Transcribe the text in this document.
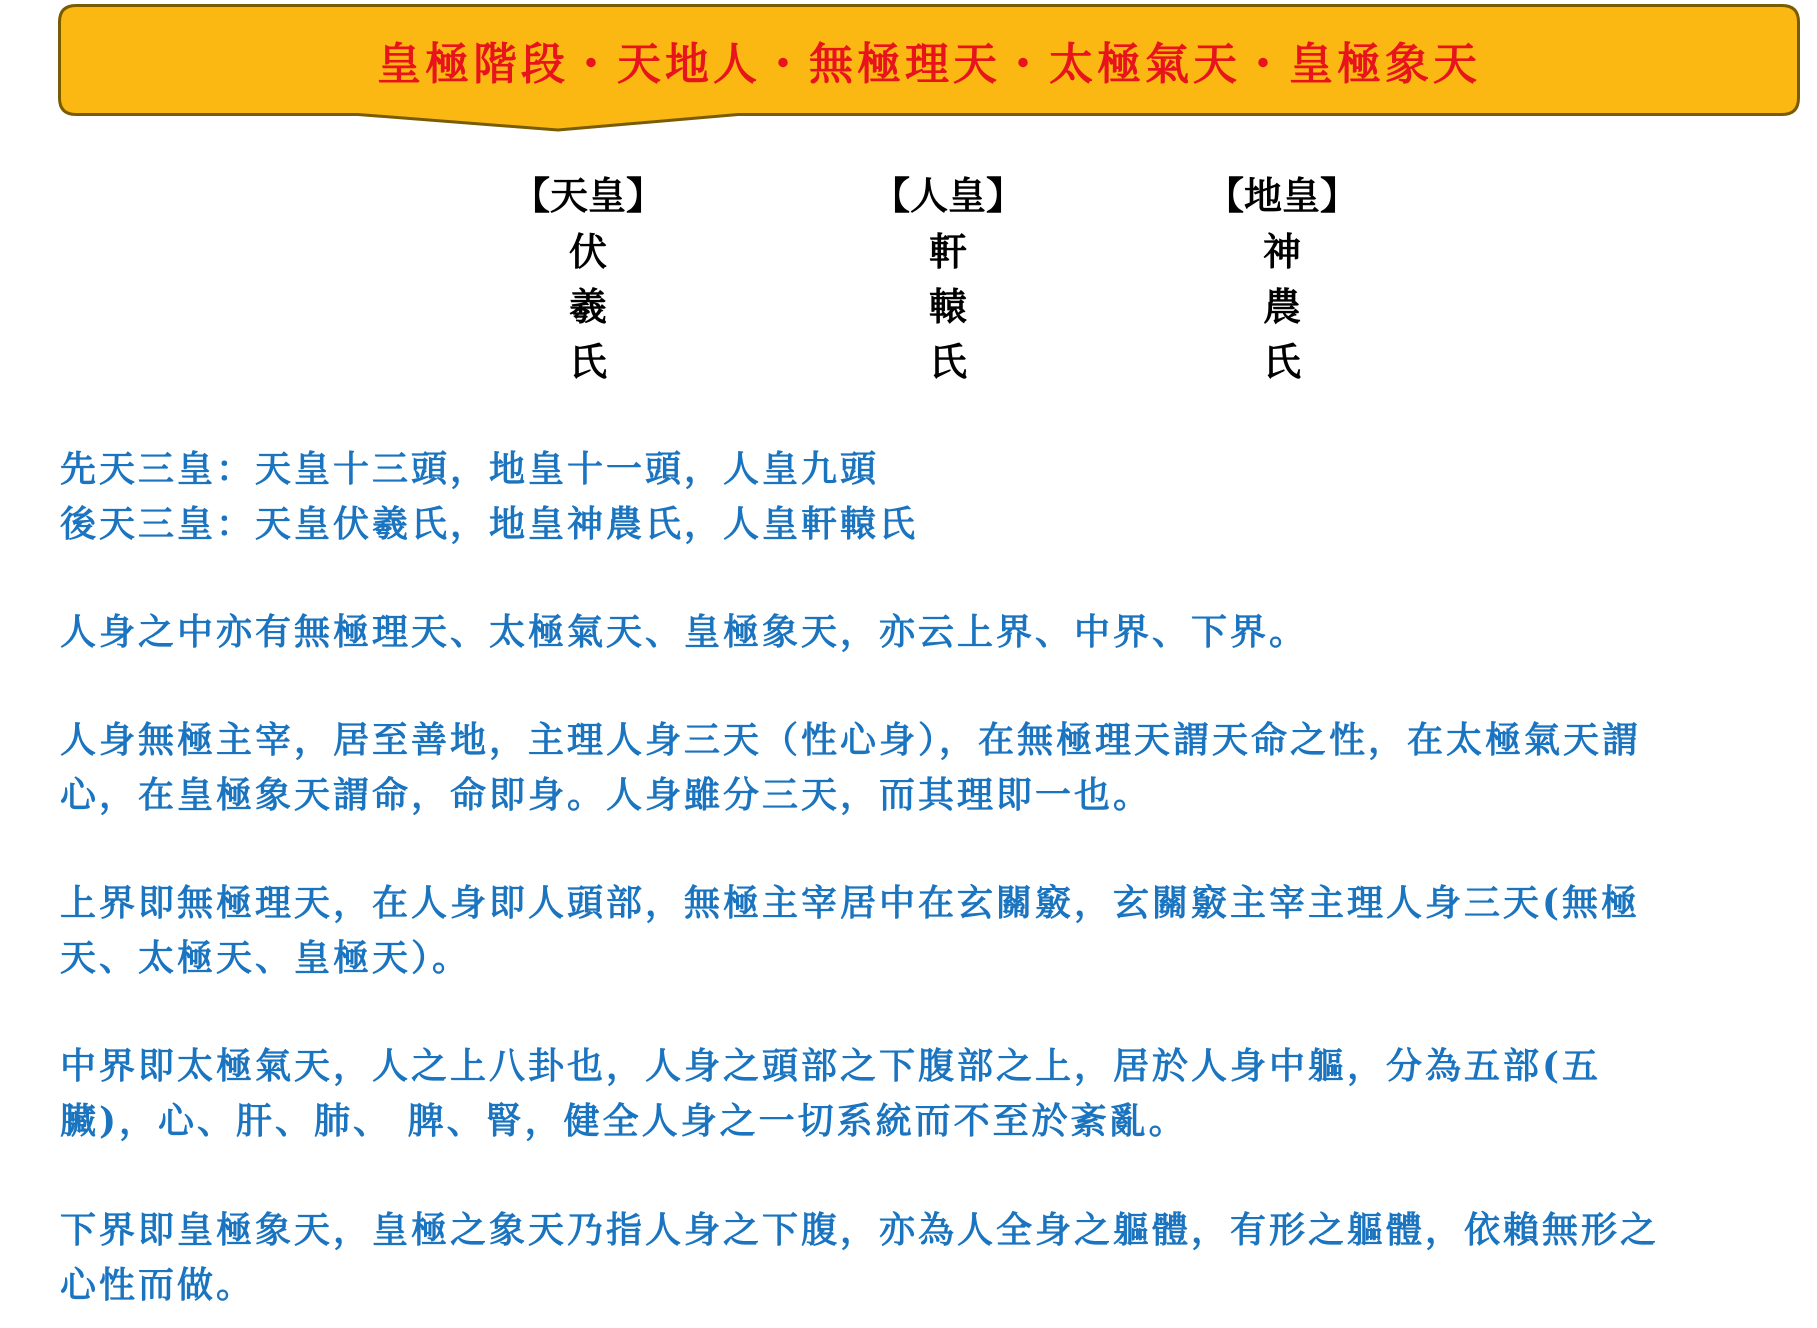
皇極階段・天地人・無極理天・太極氣天・皇極象天
【天皇】
伏
羲
氏
【人皇】
軒
轅
氏
【地皇】
神
農
氏
先天三皇：天皇十三頭，地皇十一頭，人皇九頭
後天三皇：天皇伏羲氏，地皇神農氏，人皇軒轅氏
人身之中亦有無極理天、太極氣天、皇極象天，亦云上界、中界、下界。
人身無極主宰，居至善地，主理人身三天（性心身），在無極理天謂天命之性，在太極氣天謂
心，在皇極象天謂命，命即身。人身雖分三天，而其理即一也。
上界即無極理天，在人身即人頭部，無極主宰居中在玄關竅，玄關竅主宰主理人身三天(無極
天、太極天、皇極天）。
中界即太極氣天，人之上八卦也，人身之頭部之下腹部之上，居於人身中軀，分為五部(五
臟)，心、肝、肺、 脾、腎，健全人身之一切系統而不至於紊亂。
下界即皇極象天，皇極之象天乃指人身之下腹，亦為人全身之軀體，有形之軀體，依賴無形之
心性而做。
